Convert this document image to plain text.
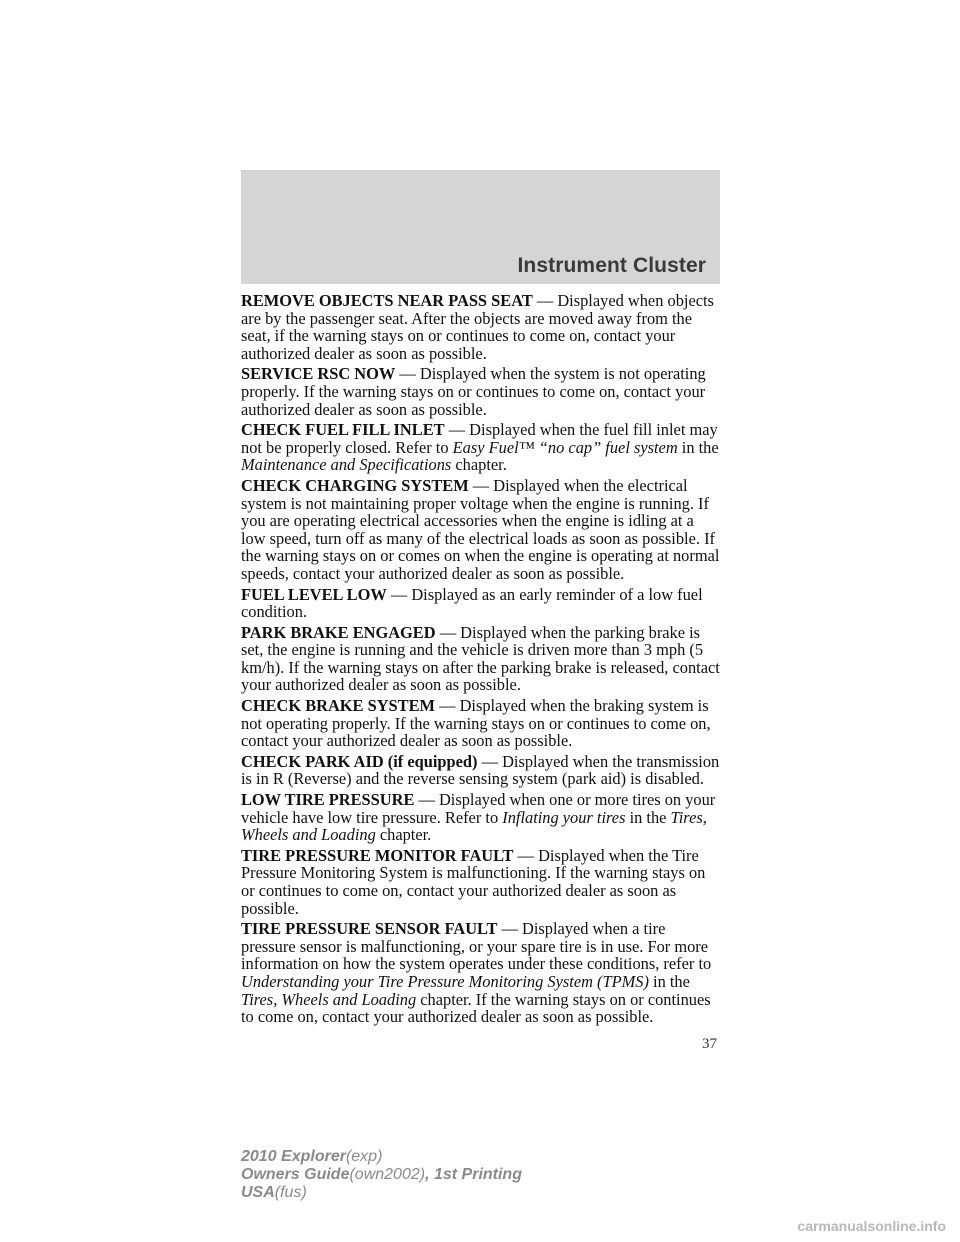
Instrument Cluster

REMOVE OBJECTS NEAR PASS SEAT — Displayed when objects are by the passenger seat. After the objects are moved away from the seat, if the warning stays on or continues to come on, contact your authorized dealer as soon as possible.

SERVICE RSC NOW — Displayed when the system is not operating properly. If the warning stays on or continues to come on, contact your authorized dealer as soon as possible.

CHECK FUEL FILL INLET — Displayed when the fuel fill inlet may not be properly closed. Refer to Easy Fuel™ “no cap” fuel system in the Maintenance and Specifications chapter.

CHECK CHARGING SYSTEM — Displayed when the electrical system is not maintaining proper voltage when the engine is running. If you are operating electrical accessories when the engine is idling at a low speed, turn off as many of the electrical loads as soon as possible. If the warning stays on or comes on when the engine is operating at normal speeds, contact your authorized dealer as soon as possible.

FUEL LEVEL LOW — Displayed as an early reminder of a low fuel condition.

PARK BRAKE ENGAGED — Displayed when the parking brake is set, the engine is running and the vehicle is driven more than 3 mph (5 km/h). If the warning stays on after the parking brake is released, contact your authorized dealer as soon as possible.

CHECK BRAKE SYSTEM — Displayed when the braking system is not operating properly. If the warning stays on or continues to come on, contact your authorized dealer as soon as possible.

CHECK PARK AID (if equipped) — Displayed when the transmission is in R (Reverse) and the reverse sensing system (park aid) is disabled.

LOW TIRE PRESSURE — Displayed when one or more tires on your vehicle have low tire pressure. Refer to Inflating your tires in the Tires, Wheels and Loading chapter.

TIRE PRESSURE MONITOR FAULT — Displayed when the Tire Pressure Monitoring System is malfunctioning. If the warning stays on or continues to come on, contact your authorized dealer as soon as possible.

TIRE PRESSURE SENSOR FAULT — Displayed when a tire pressure sensor is malfunctioning, or your spare tire is in use. For more information on how the system operates under these conditions, refer to Understanding your Tire Pressure Monitoring System (TPMS) in the Tires, Wheels and Loading chapter. If the warning stays on or continues to come on, contact your authorized dealer as soon as possible.

37
2010 Explorer(exp)
Owners Guide(own2002), 1st Printing
USA(fus)
carmanualsonline.info
